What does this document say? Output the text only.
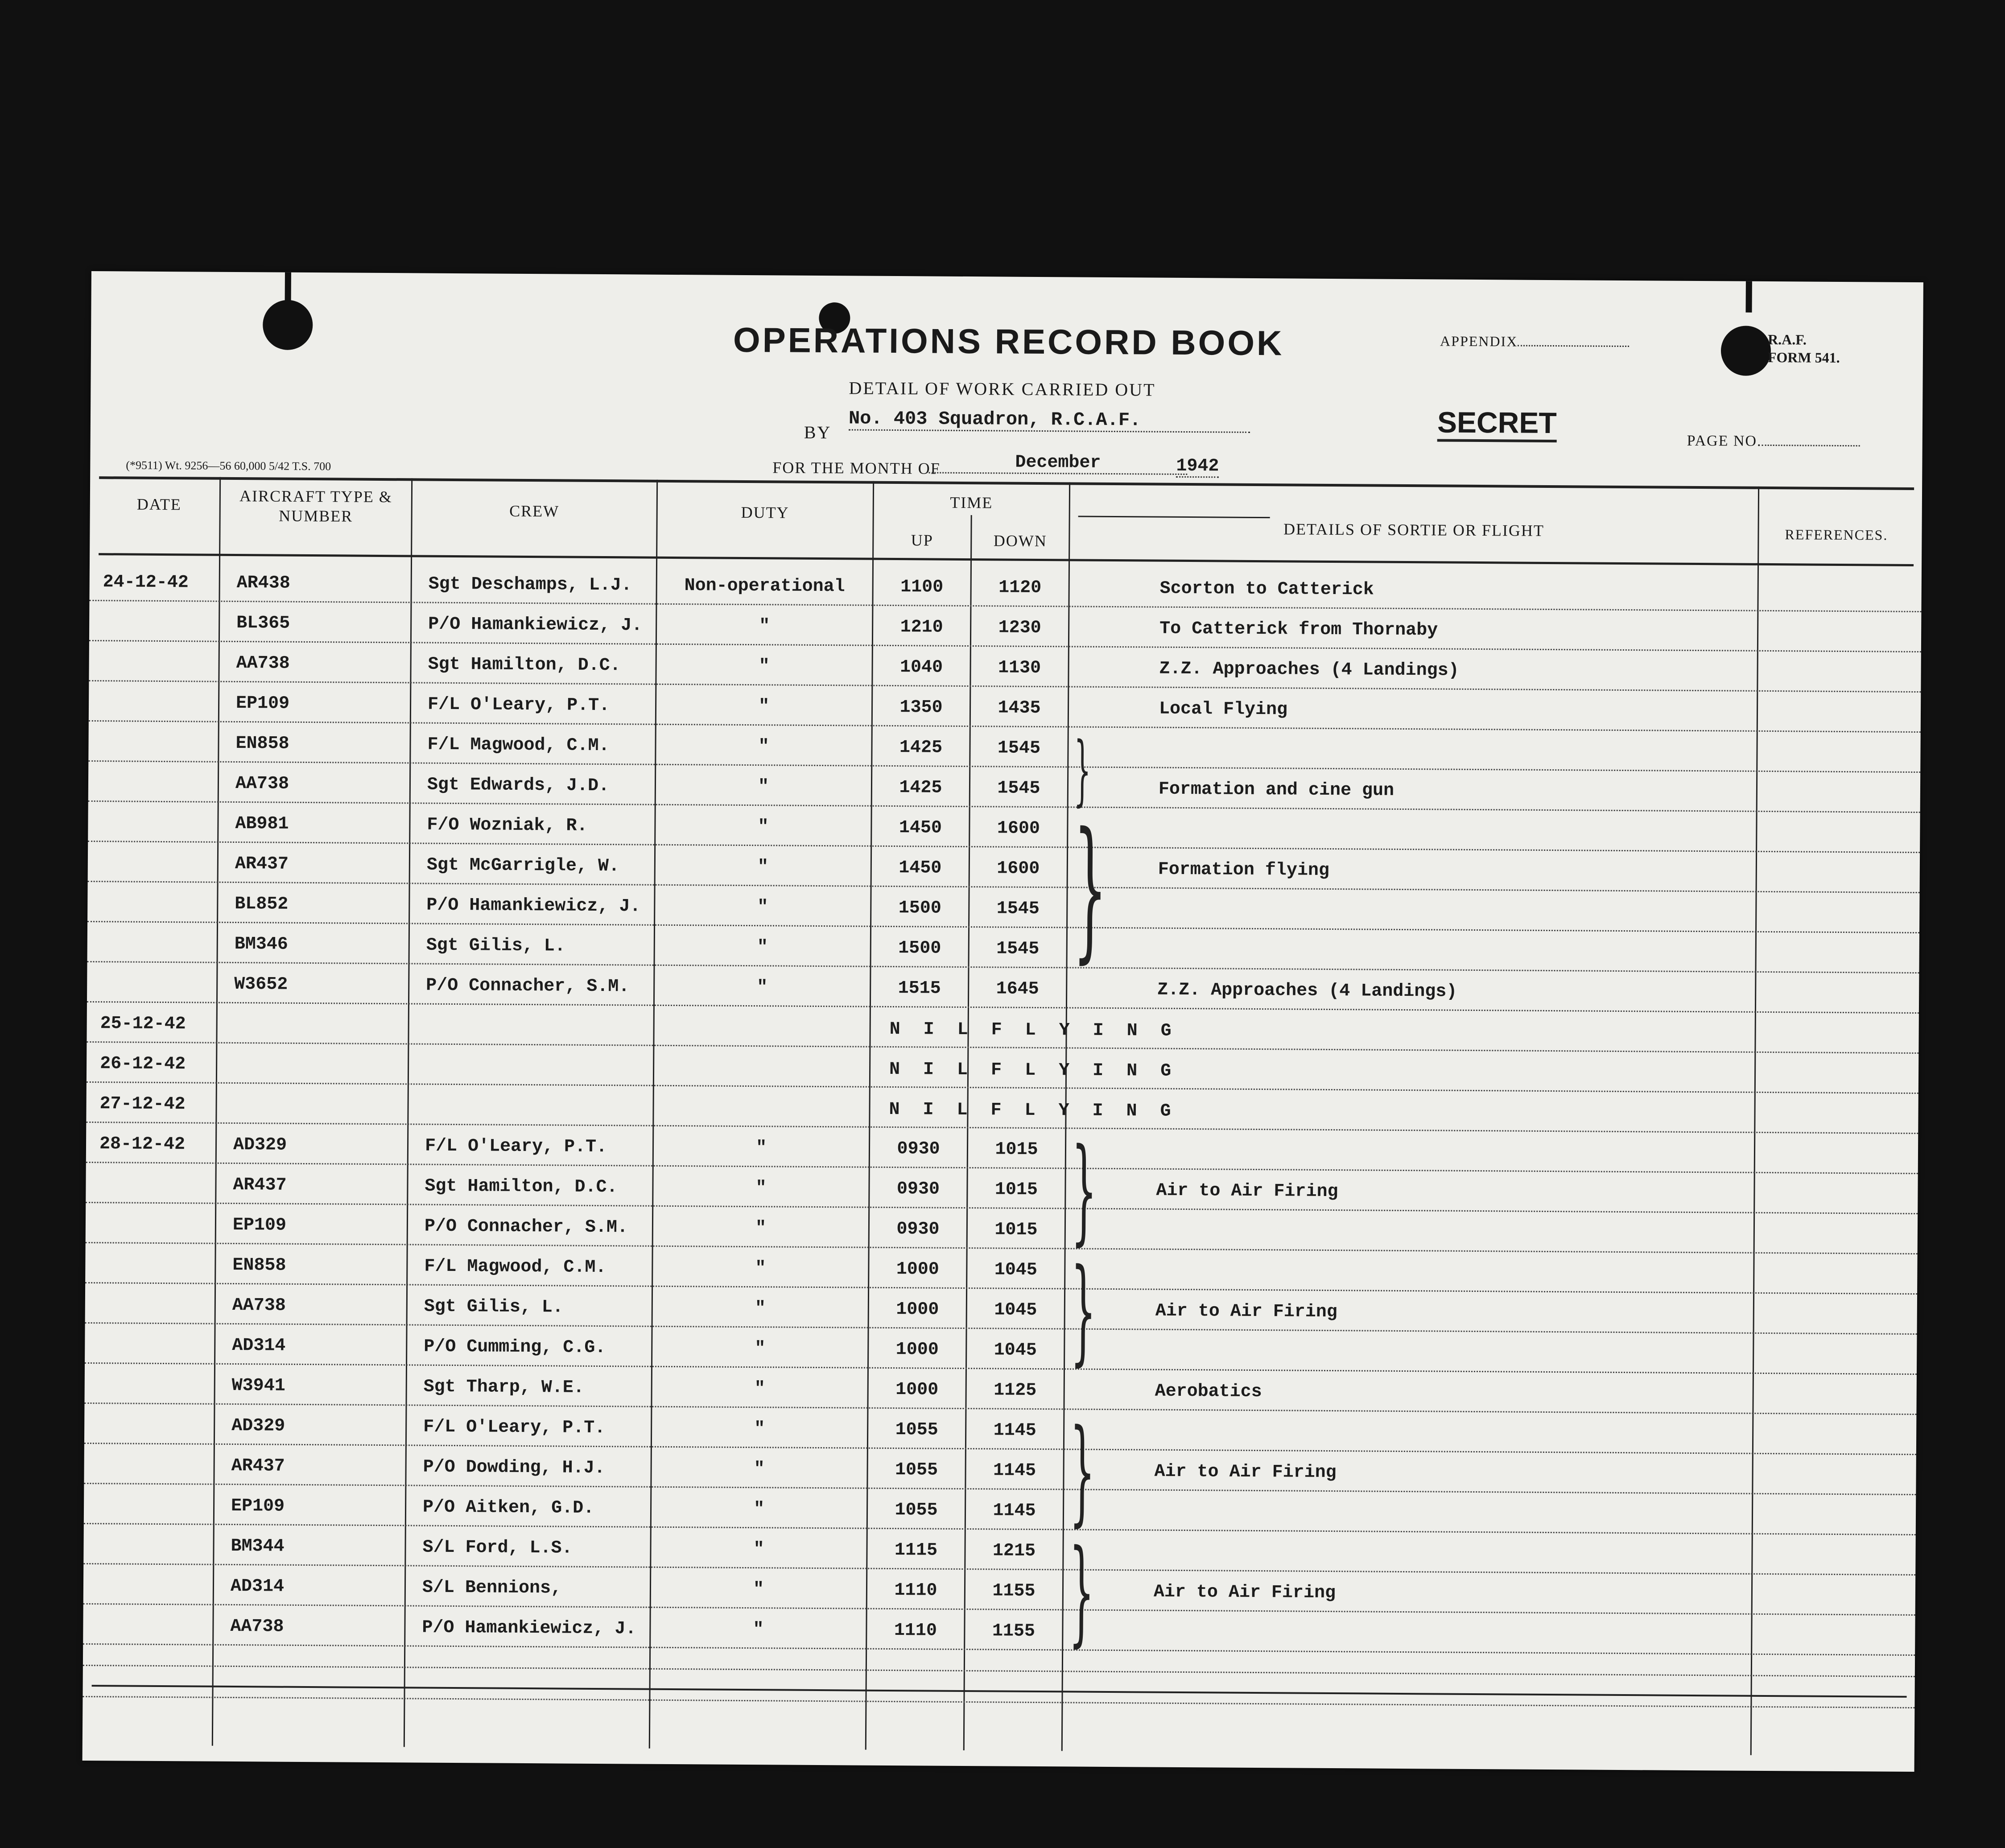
OPERATIONS RECORD BOOK
DETAIL OF WORK CARRIED OUT
BY
No. 403 Squadron, R.C.A.F.
APPENDIX	R.A.F. FORM 541.
SECRET
PAGE NO.
(*9511) Wt. 9256—56 60,000 5/42 T.S. 700	FOR THE MONTH OF	December	1942
DATE	AIRCRAFT TYPE & NUMBER	CREW	DUTY
TIME
UP	DOWN
DETAILS OF SORTIE OR FLIGHT	REFERENCES.
24-12-42	AR438	Sgt Deschamps, L.J.	Non-operational	1100	1120	Scorton to Catterick
BL365	P/O Hamankiewicz, J.	"	1210	1230	To Catterick from Thornaby
AA738	Sgt Hamilton, D.C.	"	1040	1130	Z.Z. Approaches (4 Landings)
EP109	F/L O'Leary, P.T.	"	1350	1435	Local Flying
EN858	F/L Magwood, C.M.	"	1425	1545
AA738	Sgt Edwards, J.D.	"	1425	1545	Formation and cine gun
AB981	F/O Wozniak, R.	"	1450	1600
AR437	Sgt McGarrigle, W.	"	1450	1600	Formation flying
BL852	P/O Hamankiewicz, J.	"	1500	1545
BM346	Sgt Gilis, L.	"	1500	1545
W3652	P/O Connacher, S.M.	"	1515	1645	Z.Z. Approaches (4 Landings)
25-12-42	N I L F L Y I N G
26-12-42	N I L F L Y I N G
27-12-42	N I L F L Y I N G
28-12-42	AD329	F/L O'Leary, P.T.	"	0930	1015
AR437	Sgt Hamilton, D.C.	"	0930	1015	Air to Air Firing
EP109	P/O Connacher, S.M.	"	0930	1015
EN858	F/L Magwood, C.M.	"	1000	1045
AA738	Sgt Gilis, L.	"	1000	1045	Air to Air Firing
AD314	P/O Cumming, C.G.	"	1000	1045
W3941	Sgt Tharp, W.E.	"	1000	1125	Aerobatics
AD329	F/L O'Leary, P.T.	"	1055	1145
AR437	P/O Dowding, H.J.	"	1055	1145	Air to Air Firing
EP109	P/O Aitken, G.D.	"	1055	1145
BM344	S/L Ford, L.S.	"	1115	1215
AD314	S/L Bennions,	"	1110	1155	Air to Air Firing
AA738	P/O Hamankiewicz, J.	"	1110	1155
}
}
}
}
}
}
